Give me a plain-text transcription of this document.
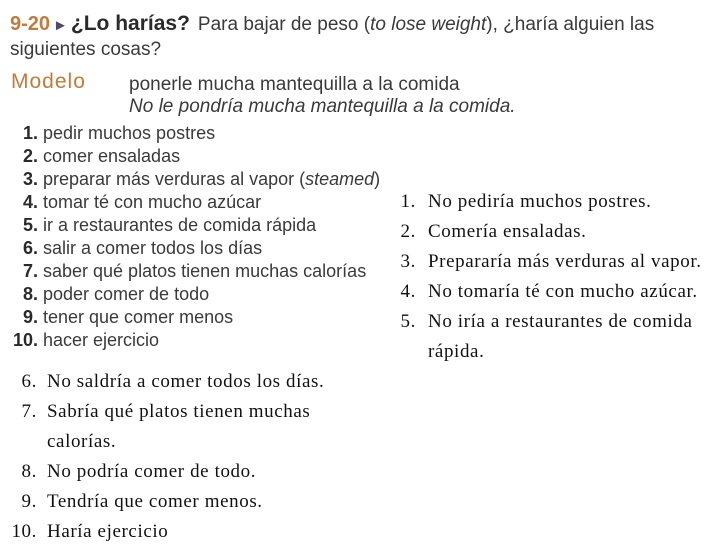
9-20 ► ¿Lo harías? Para bajar de peso (to lose weight), ¿haría alguien las
siguientes cosas?
Modelo ponerle mucha mantequilla a la comida
No le pondría mucha mantequilla a la comida.
1. pedir muchos postres
2. comer ensaladas
3. preparar más verduras al vapor (steamed)
4. tomar té con mucho azúcar
5. ir a restaurantes de comida rápida
6. salir a comer todos los días
7. saber qué platos tienen muchas calorías
8. poder comer de todo
9. tener que comer menos
10. hacer ejercicio
1. No pediría muchos postres.
2. Comería ensaladas.
3. Prepararía más verduras al vapor.
4. No tomaría té con mucho azúcar.
5. No iría a restaurantes de comida rápida.
6. No saldría a comer todos los días.
7. Sabría qué platos tienen muchas calorías.
8. No podría comer de todo.
9. Tendría que comer menos.
10. Haría ejercicio
